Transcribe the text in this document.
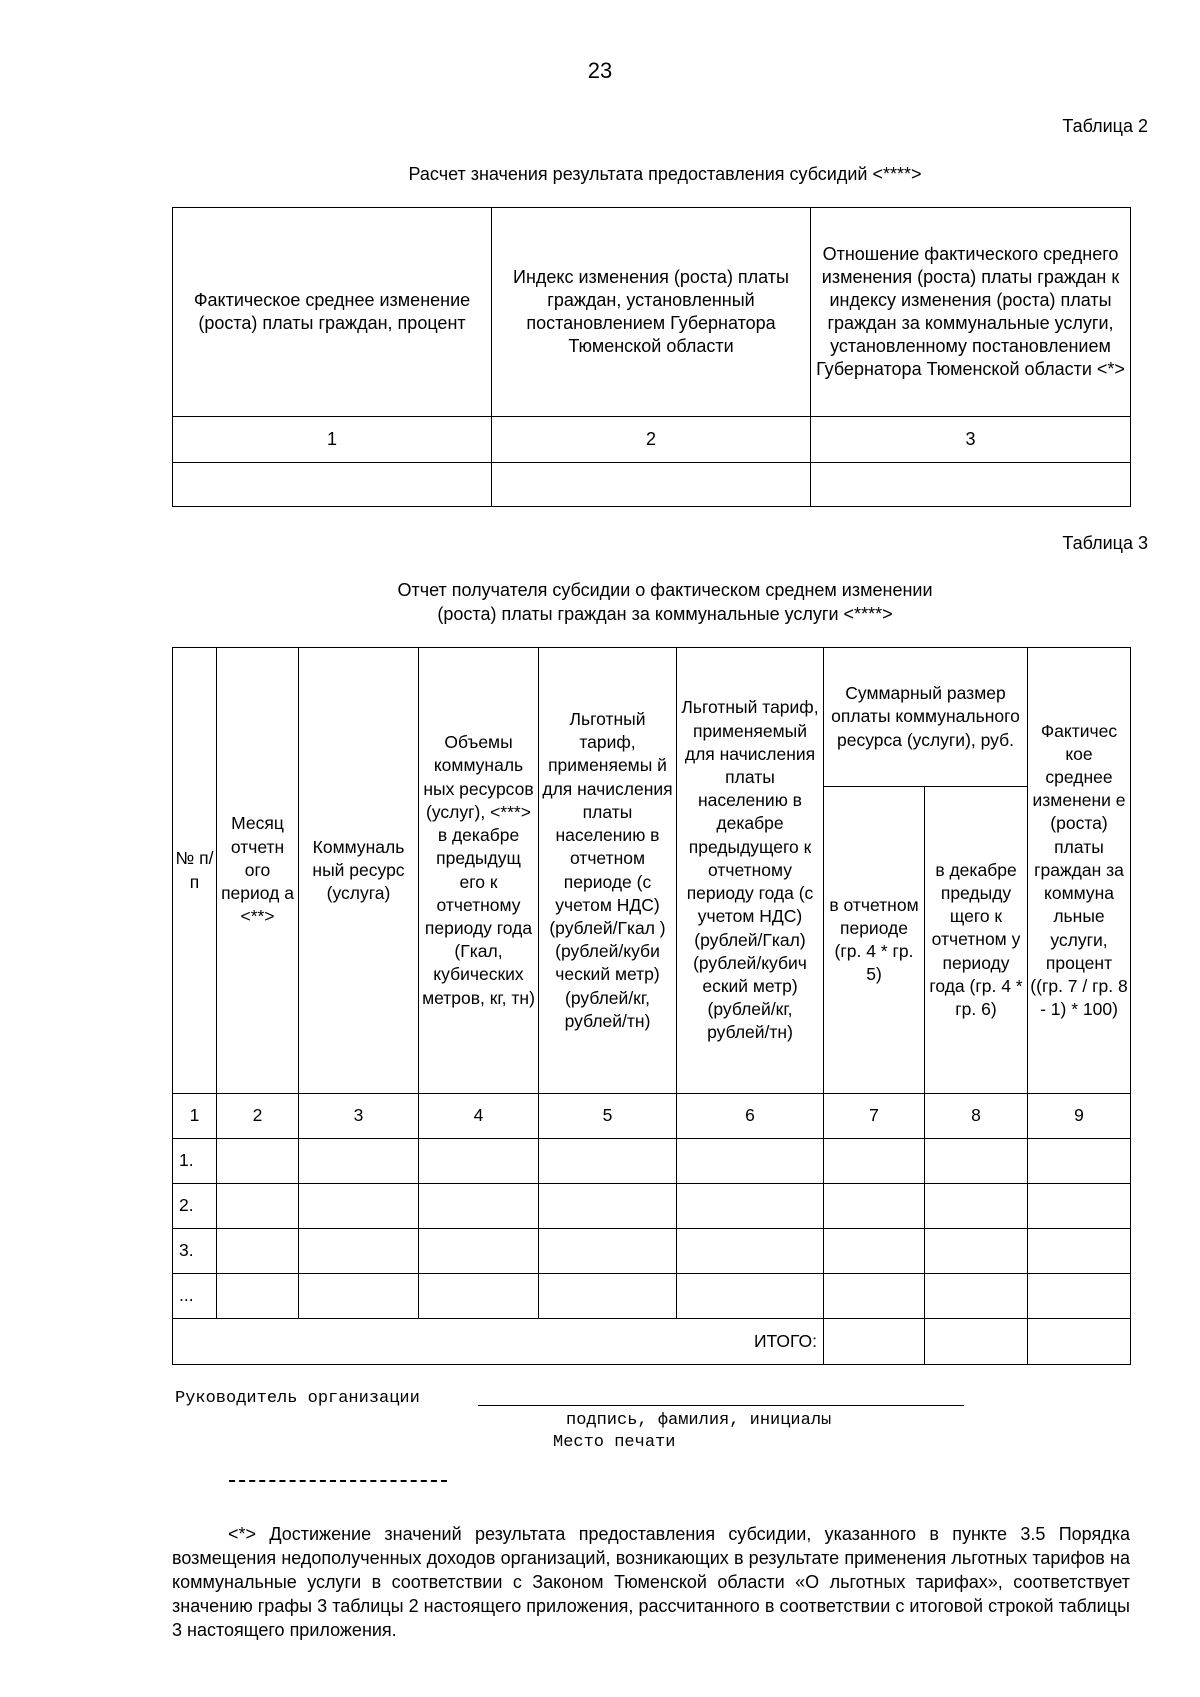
23
Таблица 2
Расчет значения результата предоставления субсидий <****>
Фактическое среднее изменение (роста) платы граждан, процент	Индекс изменения (роста) платы граждан, установленный постановлением Губернатора Тюменской области	Отношение фактического среднего изменения (роста) платы граждан к индексу изменения (роста) платы граждан за коммунальные услуги, установленному постановлением Губернатора Тюменской области <*>
1	2	3

Таблица 3
Отчет получателя субсидии о фактическом среднем изменении
(роста) платы граждан за коммунальные услуги <****>
№ п/п	Месяц отчетн ого период а <**>	Коммуналь ный ресурс (услуга)	Объемы коммуналь ных ресурсов (услуг), <***> в декабре предыдущ его к отчетному периоду года (Гкал, кубических метров, кг, тн)	Льготный тариф, применяемы й для начисления платы населению в отчетном периоде (с учетом НДС) (рублей/Гкал ) (рублей/куби ческий метр) (рублей/кг, рублей/тн)	Льготный тариф, применяемый для начисления платы населению в декабре предыдущего к отчетному периоду года (с учетом НДС) (рублей/Гкал) (рублей/кубич еский метр) (рублей/кг, рублей/тн)	Суммарный размер оплаты коммунального ресурса (услуги), руб.		Фактичес кое среднее изменени е (роста) платы граждан за коммуна льные услуги, процент ((гр. 7 / гр. 8 - 1) * 100)
						в отчетном периоде (гр. 4 * гр. 5)	в декабре предыду щего к отчетном у периоду года (гр. 4 * гр. 6)	
1	2	3	4	5	6	7	8	9
1.								
2.								
3.								
...								
ИТОГО:								
Руководитель организации
подпись, фамилия, инициалы
Место печати
<*> Достижение значений результата предоставления субсидии, указанного в пункте 3.5 Порядка возмещения недополученных доходов организаций, возникающих в результате применения льготных тарифов на коммунальные услуги в соответствии с Законом Тюменской области «О льготных тарифах», соответствует значению графы 3 таблицы 2 настоящего приложения, рассчитанного в соответствии с итоговой строкой таблицы 3 настоящего приложения.
